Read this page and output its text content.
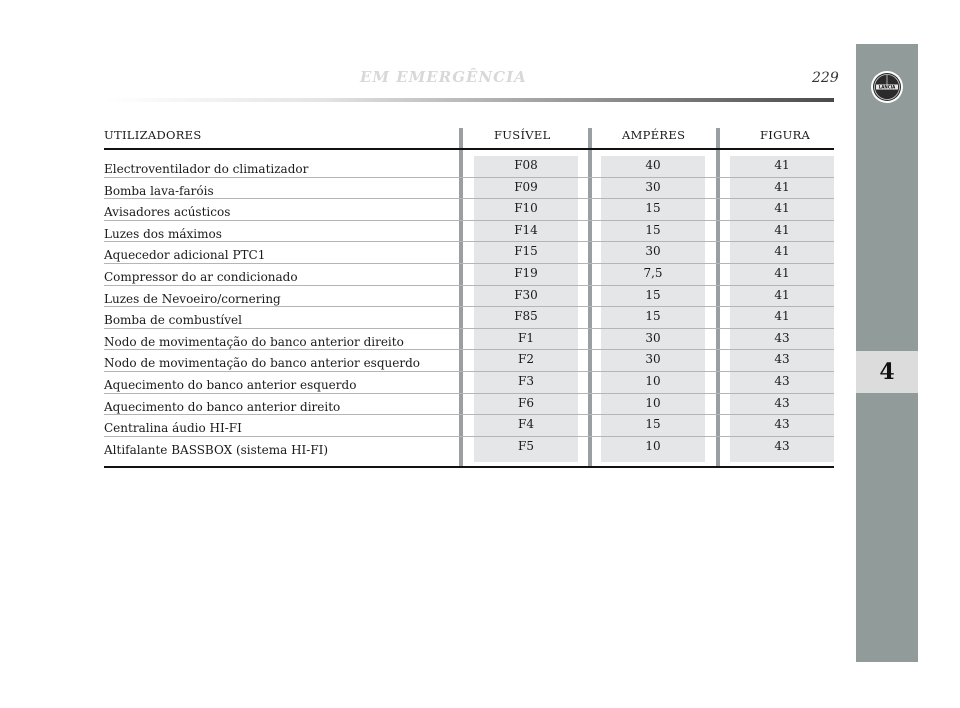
EM EMERGÊNCIA	229
LANCIA
4
UTILIZADORES	FUSÍVEL	AMPÉRES	FIGURA
Electroventilador do climatizador	F08	40	41
Bomba lava-faróis	F09	30	41
Avisadores acústicos	F10	15	41
Luzes dos máximos	F14	15	41
Aquecedor adicional PTC1	F15	30	41
Compressor do ar condicionado	F19	7,5	41
Luzes de Nevoeiro/cornering	F30	15	41
Bomba de combustível	F85	15	41
Nodo de movimentação do banco anterior direito	F1	30	43
Nodo de movimentação do banco anterior esquerdo	F2	30	43
Aquecimento do banco anterior esquerdo	F3	10	43
Aquecimento do banco anterior direito	F6	10	43
Centralina áudio HI-FI	F4	15	43
Altifalante BASSBOX (sistema HI-FI)	F5	10	43
